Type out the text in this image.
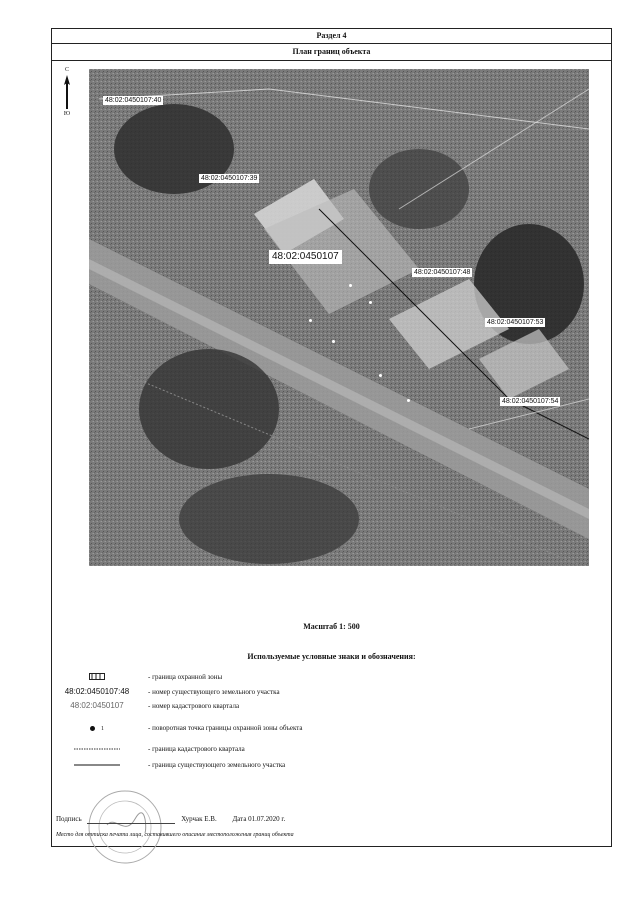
Раздел 4
План границ объекта
С
Ю
48:02:0450107:40
48:02:0450107:39
48:02:0450107
48:02:0450107:48
48:02:0450107:53
48:02:0450107:54
Масштаб 1: 500
Используемые условные знаки и обозначения:
- граница охранной зоны
48:02:0450107:48	- номер существующего земельного участка
48:02:0450107	- номер кадастрового квартала
1	- поворотная точка границы охранной зоны объекта
- граница кадастрового квартала
- граница существующего земельного участка
Подпись	Хурчак Е.В. Дата 01.07.2020 г.
Место для оттиска печати лица, составившего описание местоположения границ объекта
